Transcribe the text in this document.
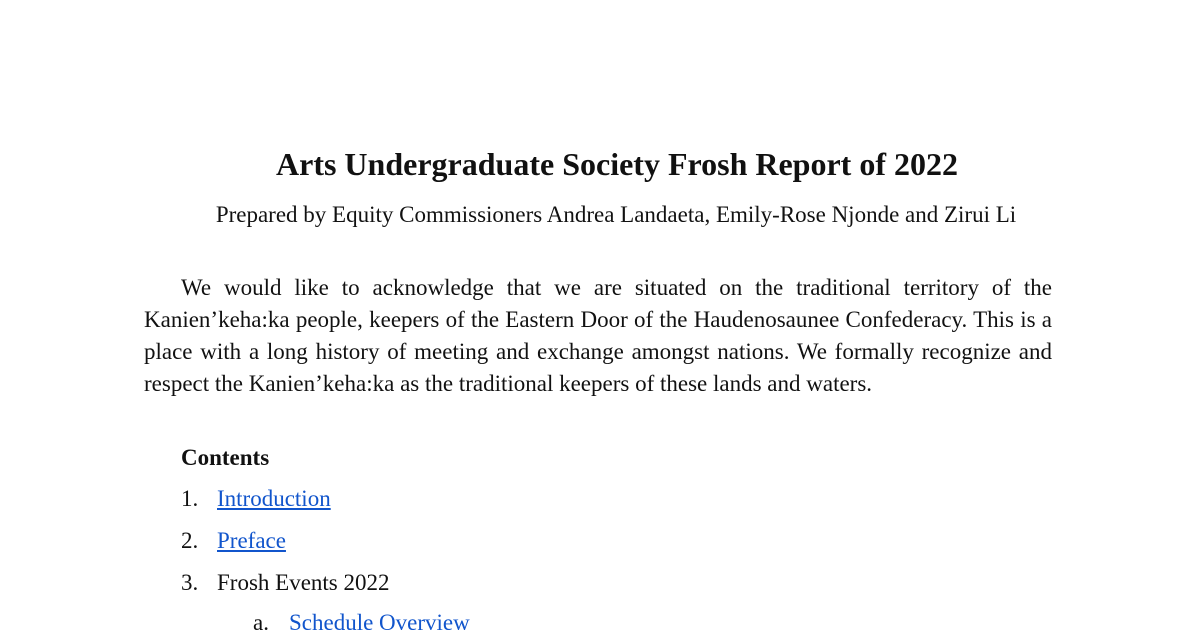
Arts Undergraduate Society Frosh Report of 2022

Prepared by Equity Commissioners Andrea Landaeta, Emily-Rose Njonde and Zirui Li

We would like to acknowledge that we are situated on the traditional territory of the Kanien’keha:ka people, keepers of the Eastern Door of the Haudenosaunee Confederacy. This is a place with a long history of meeting and exchange amongst nations. We formally recognize and respect the Kanien’keha:ka as the traditional keepers of these lands and waters.

Contents
1. Introduction
2. Preface
3. Frosh Events 2022
a. Schedule Overview
